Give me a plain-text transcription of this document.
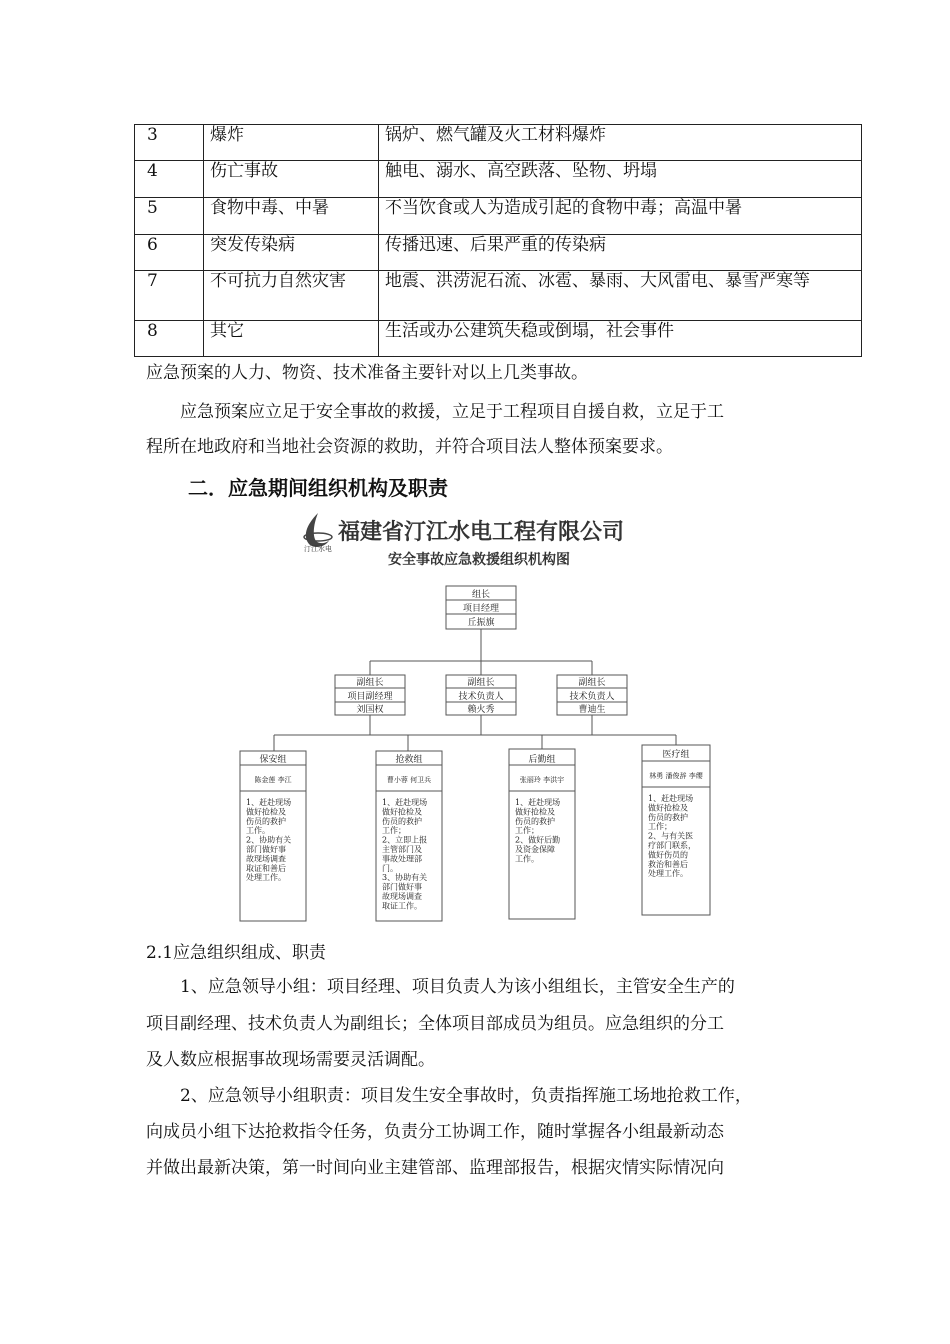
3	爆炸	锅炉、燃气罐及火工材料爆炸
4	伤亡事故	触电、溺水、高空跌落、坠物、坍塌
5	食物中毒、中暑	不当饮食或人为造成引起的食物中毒；高温中暑
6	突发传染病	传播迅速、后果严重的传染病
7	不可抗力自然灾害	地震、洪涝泥石流、冰雹、暴雨、大风雷电、暴雪严寒等
8	其它	生活或办公建筑失稳或倒塌，社会事件
应急预案的人力、物资、技术准备主要针对以上几类事故。
应急预案应立足于安全事故的救援，立足于工程项目自援自救，立足于工
程所在地政府和当地社会资源的救助，并符合项目法人整体预案要求。
二．应急期间组织机构及职责
汀江水电
福建省汀江水电工程有限公司
安全事故应急救援组织机构图
组长
项目经理
丘振旗
副组长
项目副经理
刘国权
副组长
技术负责人
赖火秀
副组长
技术负责人
曹迪生
保安组
陈金莲 李江
1、赶赴现场
做好抢检及
伤员的救护
工作。
2、协助有关
部门做好事
故现场调查
取证和善后
处理工作。
抢救组
曹小蓉 何卫兵
1、赶赴现场
做好抢检及
伤员的救护
工作；
2、立即上报
主管部门及
事故处理部
门。
3、协助有关
部门做好事
故现场调查
取证工作。
后勤组
张丽玲 李洪宇
1、赶赴现场
做好抢检及
伤员的救护
工作；
2、做好后勤
及资金保障
工作。
医疗组
林勇 潘俊辞 李缨
1、赶赴现场
做好抢检及
伤员的救护
工作；
2、与有关医
疗部门联系，
做好伤员的
救治和善后
处理工作。
2.1应急组织组成、职责
1、应急领导小组：项目经理、项目负责人为该小组组长，主管安全生产的
项目副经理、技术负责人为副组长；全体项目部成员为组员。应急组织的分工
及人数应根据事故现场需要灵活调配。
2、应急领导小组职责：项目发生安全事故时，负责指挥施工场地抢救工作，
向成员小组下达抢救指令任务，负责分工协调工作，随时掌握各小组最新动态
并做出最新决策，第一时间向业主建管部、监理部报告，根据灾情实际情况向
